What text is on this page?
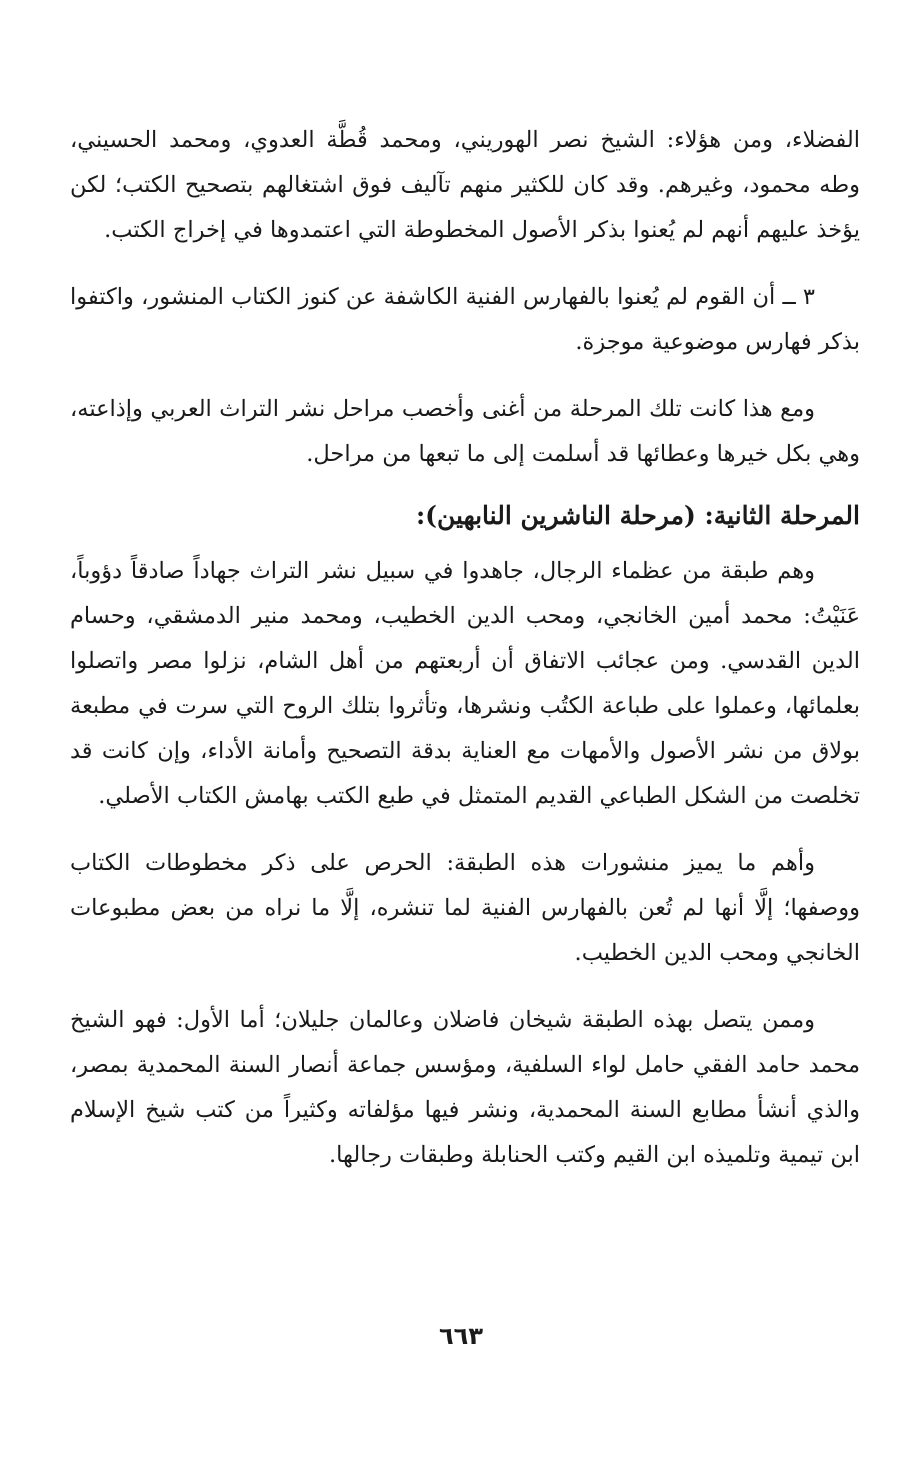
الفضلاء، ومن هؤلاء: الشيخ نصر الهوريني، ومحمد قُطَّة العدوي، ومحمد الحسيني، وطه محمود، وغيرهم. وقد كان للكثير منهم تآليف فوق اشتغالهم بتصحيح الكتب؛ لكن يؤخذ عليهم أنهم لم يُعنوا بذكر الأصول المخطوطة التي اعتمدوها في إخراج الكتب.

٣ ــ أن القوم لم يُعنوا بالفهارس الفنية الكاشفة عن كنوز الكتاب المنشور، واكتفوا بذكر فهارس موضوعية موجزة.

ومع هذا كانت تلك المرحلة من أغنى وأخصب مراحل نشر التراث العربي وإذاعته، وهي بكل خيرها وعطائها قد أسلمت إلى ما تبعها من مراحل.

المرحلة الثانية: (مرحلة الناشرين النابهين):

وهم طبقة من عظماء الرجال، جاهدوا في سبيل نشر التراث جهاداً صادقاً دؤوباً، عَنَيْتُ: محمد أمين الخانجي، ومحب الدين الخطيب، ومحمد منير الدمشقي، وحسام الدين القدسي. ومن عجائب الاتفاق أن أربعتهم من أهل الشام، نزلوا مصر واتصلوا بعلمائها، وعملوا على طباعة الكتُب ونشرها، وتأثروا بتلك الروح التي سرت في مطبعة بولاق من نشر الأصول والأمهات مع العناية بدقة التصحيح وأمانة الأداء، وإن كانت قد تخلصت من الشكل الطباعي القديم المتمثل في طبع الكتب بهامش الكتاب الأصلي.

وأهم ما يميز منشورات هذه الطبقة: الحرص على ذكر مخطوطات الكتاب ووصفها؛ إلَّا أنها لم تُعن بالفهارس الفنية لما تنشره، إلَّا ما نراه من بعض مطبوعات الخانجي ومحب الدين الخطيب.

وممن يتصل بهذه الطبقة شيخان فاضلان وعالمان جليلان؛ أما الأول: فهو الشيخ محمد حامد الفقي حامل لواء السلفية، ومؤسس جماعة أنصار السنة المحمدية بمصر، والذي أنشأ مطابع السنة المحمدية، ونشر فيها مؤلفاته وكثيراً من كتب شيخ الإسلام ابن تيمية وتلميذه ابن القيم وكتب الحنابلة وطبقات رجالها.

٦٦٣
